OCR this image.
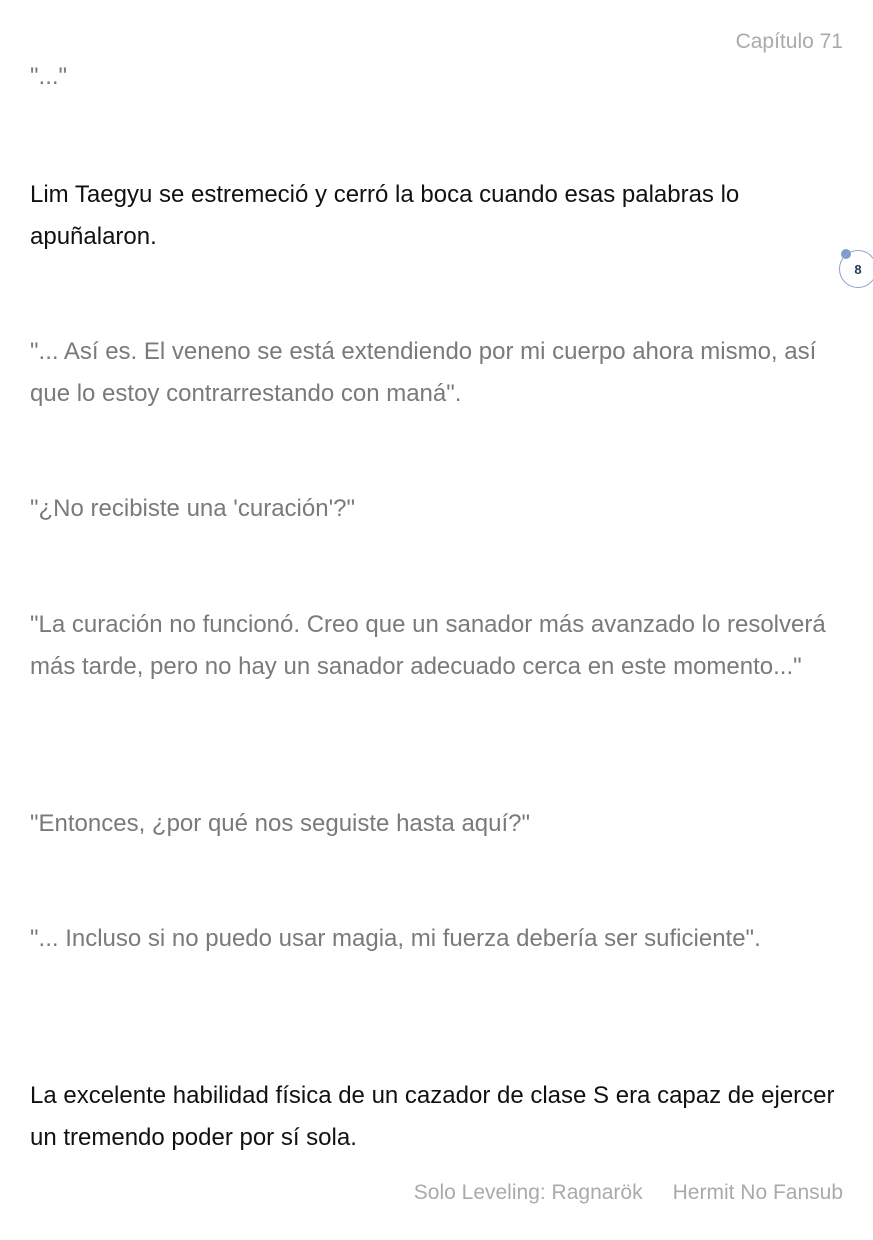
Capítulo 71

"..."

Lim Taegyu se estremeció y cerró la boca cuando esas palabras lo apuñalaron.

8

"... Así es. El veneno se está extendiendo por mi cuerpo ahora mismo, así que lo estoy contrarrestando con maná".

"¿No recibiste una 'curación'?"

"La curación no funcionó. Creo que un sanador más avanzado lo resolverá más tarde, pero no hay un sanador adecuado cerca en este momento..."

"Entonces, ¿por qué nos seguiste hasta aquí?"

"... Incluso si no puedo usar magia, mi fuerza debería ser suficiente".

La excelente habilidad física de un cazador de clase S era capaz de ejercer un tremendo poder por sí sola.

Solo Leveling: Ragnarök Hermit No Fansub
